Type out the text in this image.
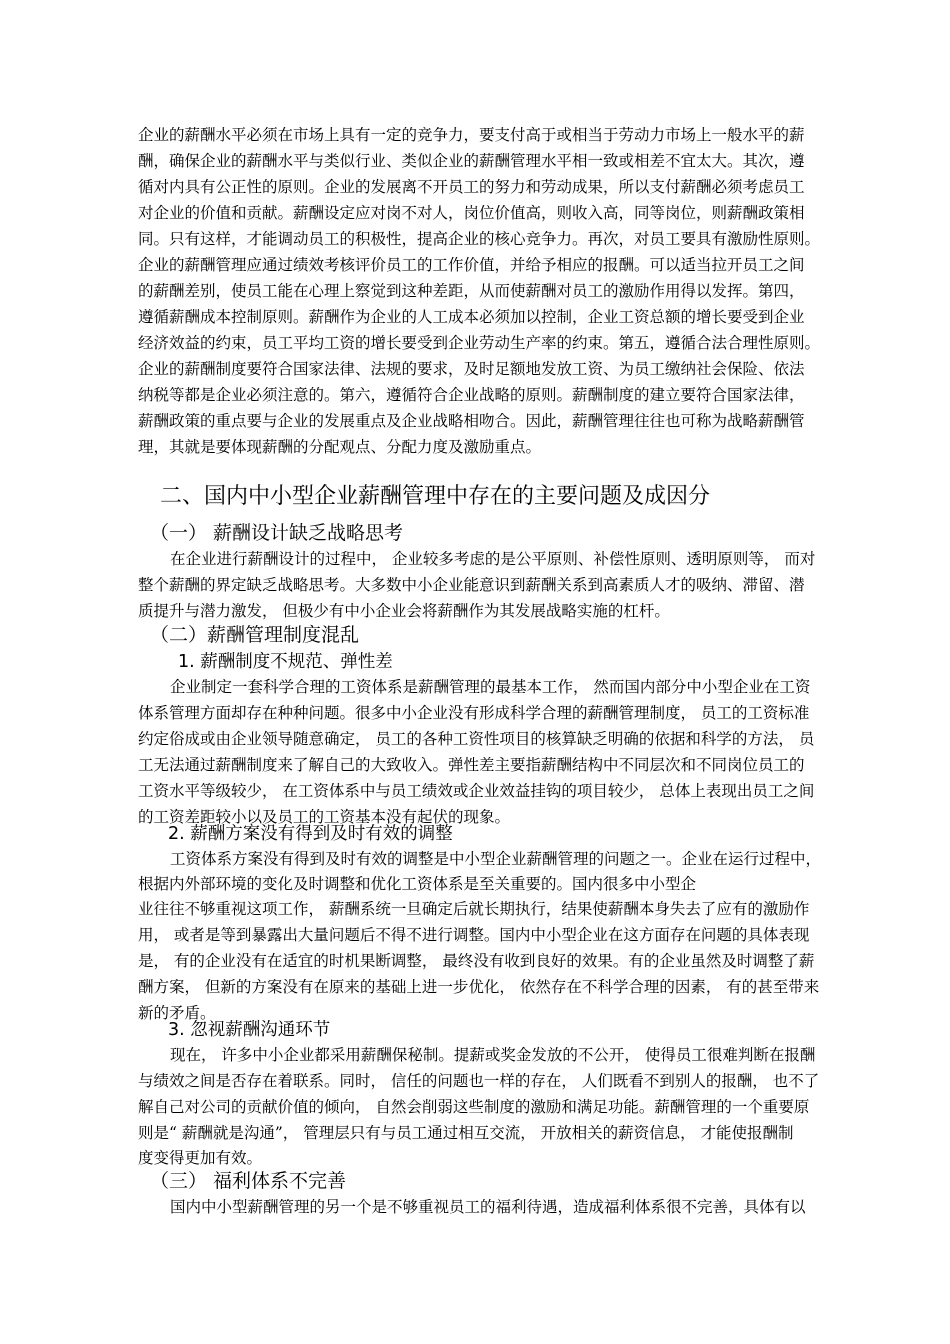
企业的薪酬水平必须在市场上具有一定的竞争力，要支付高于或相当于劳动力市场上一般水平的薪
酬，确保企业的薪酬水平与类似行业、类似企业的薪酬管理水平相一致或相差不宜太大。其次，遵
循对内具有公正性的原则。企业的发展离不开员工的努力和劳动成果，所以支付薪酬必须考虑员工
对企业的价值和贡献。薪酬设定应对岗不对人，岗位价值高，则收入高，同等岗位，则薪酬政策相
同。只有这样，才能调动员工的积极性，提高企业的核心竞争力。再次，对员工要具有激励性原则。
企业的薪酬管理应通过绩效考核评价员工的工作价值，并给予相应的报酬。可以适当拉开员工之间
的薪酬差别，使员工能在心理上察觉到这种差距，从而使薪酬对员工的激励作用得以发挥。第四，
遵循薪酬成本控制原则。薪酬作为企业的人工成本必须加以控制，企业工资总额的增长要受到企业
经济效益的约束，员工平均工资的增长要受到企业劳动生产率的约束。第五，遵循合法合理性原则。
企业的薪酬制度要符合国家法律、法规的要求，及时足额地发放工资、为员工缴纳社会保险、依法
纳税等都是企业必须注意的。第六，遵循符合企业战略的原则。薪酬制度的建立要符合国家法律，
薪酬政策的重点要与企业的发展重点及企业战略相吻合。因此，薪酬管理往往也可称为战略薪酬管
理，其就是要体现薪酬的分配观点、分配力度及激励重点。
二、国内中小型企业薪酬管理中存在的主要问题及成因分
（一） 薪酬设计缺乏战略思考
在企业进行薪酬设计的过程中， 企业较多考虑的是公平原则、补偿性原则、透明原则等， 而对
整个薪酬的界定缺乏战略思考。大多数中小企业能意识到薪酬关系到高素质人才的吸纳、滞留、潜
质提升与潜力激发， 但极少有中小企业会将薪酬作为其发展战略实施的杠杆。
（二）薪酬管理制度混乱
1. 薪酬制度不规范、弹性差
企业制定一套科学合理的工资体系是薪酬管理的最基本工作， 然而国内部分中小型企业在工资
体系管理方面却存在种种问题。很多中小企业没有形成科学合理的薪酬管理制度， 员工的工资标准
约定俗成或由企业领导随意确定， 员工的各种工资性项目的核算缺乏明确的依据和科学的方法， 员
工无法通过薪酬制度来了解自己的大致收入。弹性差主要指薪酬结构中不同层次和不同岗位员工的
工资水平等级较少， 在工资体系中与员工绩效或企业效益挂钩的项目较少， 总体上表现出员工之间
的工资差距较小以及员工的工资基本没有起伏的现象。
2. 薪酬方案没有得到及时有效的调整
工资体系方案没有得到及时有效的调整是中小型企业薪酬管理的问题之一。企业在运行过程中，
根据内外部环境的变化及时调整和优化工资体系是至关重要的。国内很多中小型企
业往往不够重视这项工作， 薪酬系统一旦确定后就长期执行，结果使薪酬本身失去了应有的激励作
用， 或者是等到暴露出大量问题后不得不进行调整。国内中小型企业在这方面存在问题的具体表现
是， 有的企业没有在适宜的时机果断调整， 最终没有收到良好的效果。有的企业虽然及时调整了薪
酬方案， 但新的方案没有在原来的基础上进一步优化， 依然存在不科学合理的因素， 有的甚至带来
新的矛盾。
3. 忽视薪酬沟通环节
现在， 许多中小企业都采用薪酬保秘制。提薪或奖金发放的不公开， 使得员工很难判断在报酬
与绩效之间是否存在着联系。同时， 信任的问题也一样的存在， 人们既看不到别人的报酬， 也不了
解自己对公司的贡献价值的倾向， 自然会削弱这些制度的激励和满足功能。薪酬管理的一个重要原
则是“ 薪酬就是沟通”， 管理层只有与员工通过相互交流， 开放相关的薪资信息， 才能使报酬制
度变得更加有效。
（三） 福利体系不完善
国内中小型薪酬管理的另一个是不够重视员工的福利待遇，造成福利体系很不完善，具体有以
